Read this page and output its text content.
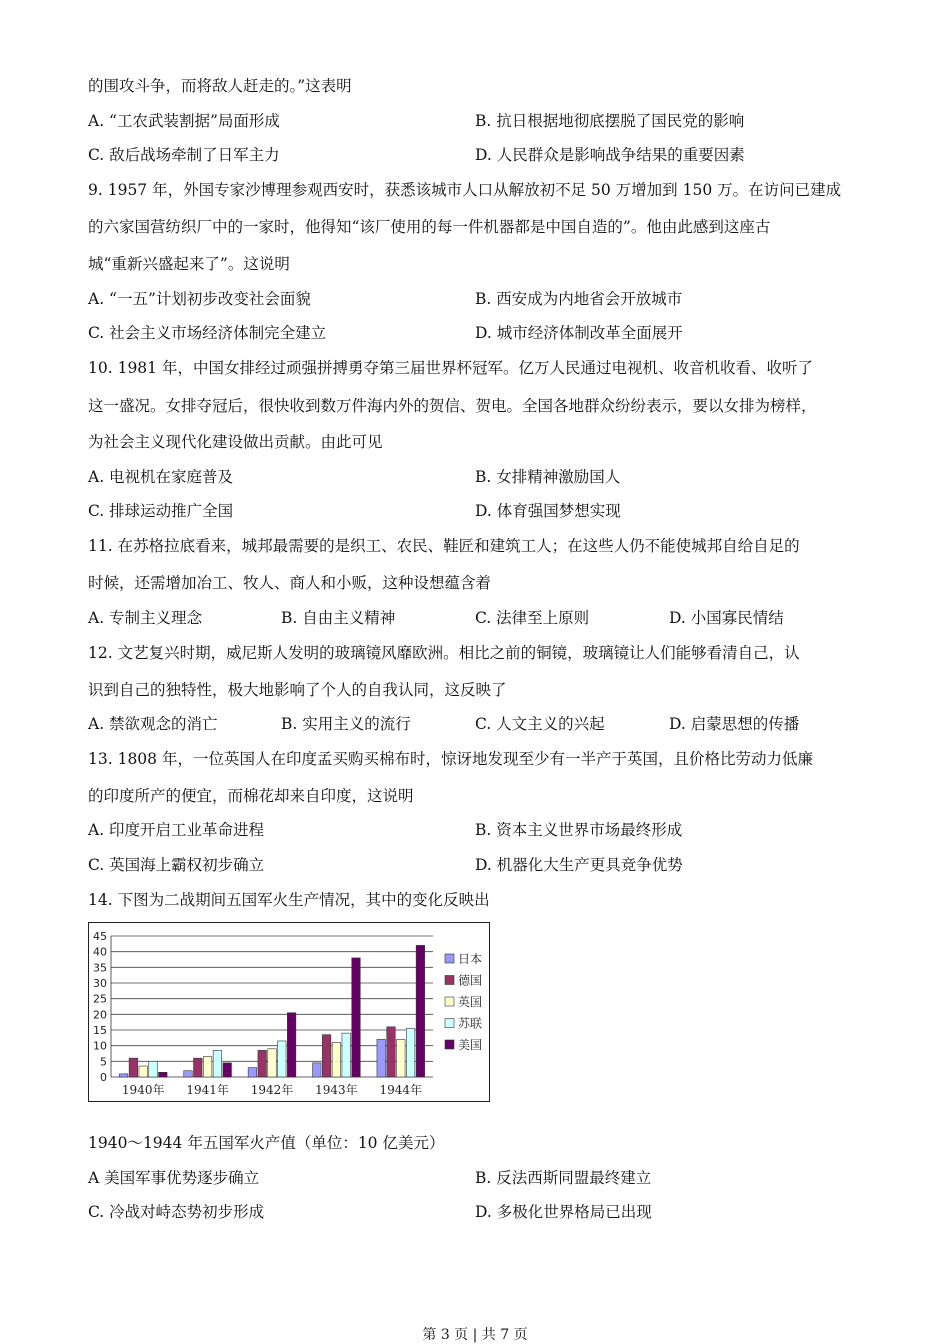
的围攻斗争，而将敌人赶走的。”这表明
A. “工农武装割据”局面形成	B. 抗日根据地彻底摆脱了国民党的影响
C. 敌后战场牵制了日军主力	D. 人民群众是影响战争结果的重要因素
9. 1957 年，外国专家沙博理参观西安时，获悉该城市人口从解放初不足 50 万增加到 150 万。在访问已建成
的六家国营纺织厂中的一家时，他得知“该厂使用的每一件机器都是中国自造的”。他由此感到这座古
城“重新兴盛起来了”。这说明
A. “一五”计划初步改变社会面貌	B. 西安成为内地省会开放城市
C. 社会主义市场经济体制完全建立	D. 城市经济体制改革全面展开
10. 1981 年，中国女排经过顽强拼搏勇夺第三届世界杯冠军。亿万人民通过电视机、收音机收看、收听了
这一盛况。女排夺冠后，很快收到数万件海内外的贺信、贺电。全国各地群众纷纷表示，要以女排为榜样，
为社会主义现代化建设做出贡献。由此可见
A. 电视机在家庭普及	B. 女排精神激励国人
C. 排球运动推广全国	D. 体育强国梦想实现
11. 在苏格拉底看来，城邦最需要的是织工、农民、鞋匠和建筑工人；在这些人仍不能使城邦自给自足的
时候，还需增加冶工、牧人、商人和小贩，这种设想蕴含着
A. 专制主义理念	B. 自由主义精神	C. 法律至上原则	D. 小国寡民情结
12. 文艺复兴时期，威尼斯人发明的玻璃镜风靡欧洲。相比之前的铜镜，玻璃镜让人们能够看清自己，认
识到自己的独特性，极大地影响了个人的自我认同，这反映了
A. 禁欲观念的消亡	B. 实用主义的流行	C. 人文主义的兴起	D. 启蒙思想的传播
13. 1808 年，一位英国人在印度孟买购买棉布时，惊讶地发现至少有一半产于英国，且价格比劳动力低廉
的印度所产的便宜，而棉花却来自印度，这说明
A. 印度开启工业革命进程	B. 资本主义世界市场最终形成
C. 英国海上霸权初步确立	D. 机器化大生产更具竞争优势
14. 下图为二战期间五国军火生产情况，其中的变化反映出
0
5
10
15
20
25
30
35
40
45
1940年 1941年 1942年 1943年 1944年
日本
德国
英国
苏联
美国
1940～1944 年五国军火产值（单位：10 亿美元）
A 美国军事优势逐步确立	B. 反法西斯同盟最终建立
C. 冷战对峙态势初步形成	D. 多极化世界格局已出现
第 3 页 | 共 7 页
